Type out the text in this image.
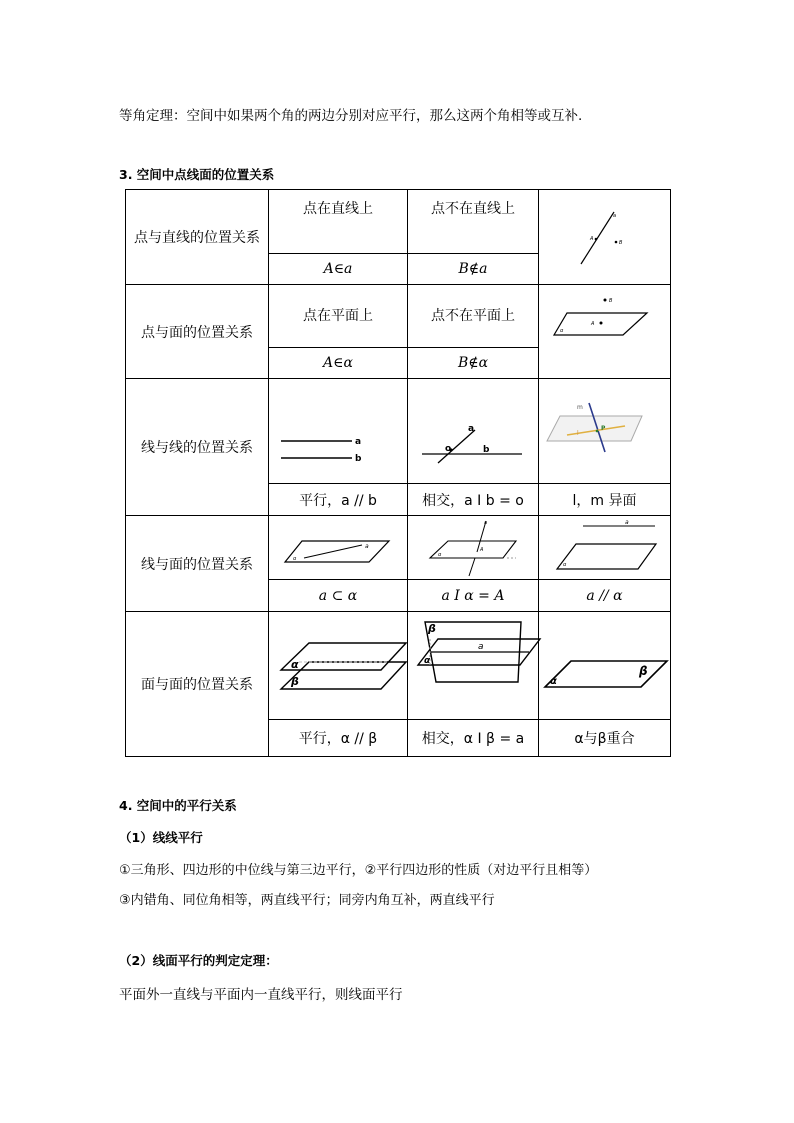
等角定理：空间中如果两个角的两边分别对应平行，那么这两个角相等或互补.
3. 空间中点线面的位置关系
点与直线的位置关系	点在直线上	点不在直线上	a
A
B

	A∈a	B∉a	
点与面的位置关系	点在平面上	点不在平面上	B
A
α

	A∈α	B∉α	
线与线的位置关系	a
b	a
o b	m
l
P

	平行，a // b	相交，a I b = o	l，m 异面
线与面的位置关系	a
α	a
A
α	a
α

	a ⊂ α	a I α = A	a // α
面与面的位置关系	α
β	β
a
α	β
α

	平行，α // β	相交，α I β = a	α与β重合
4. 空间中的平行关系
（1）线线平行
①三角形、四边形的中位线与第三边平行，②平行四边形的性质（对边平行且相等）
③内错角、同位角相等，两直线平行；同旁内角互补，两直线平行
（2）线面平行的判定定理：
平面外一直线与平面内一直线平行，则线面平行
